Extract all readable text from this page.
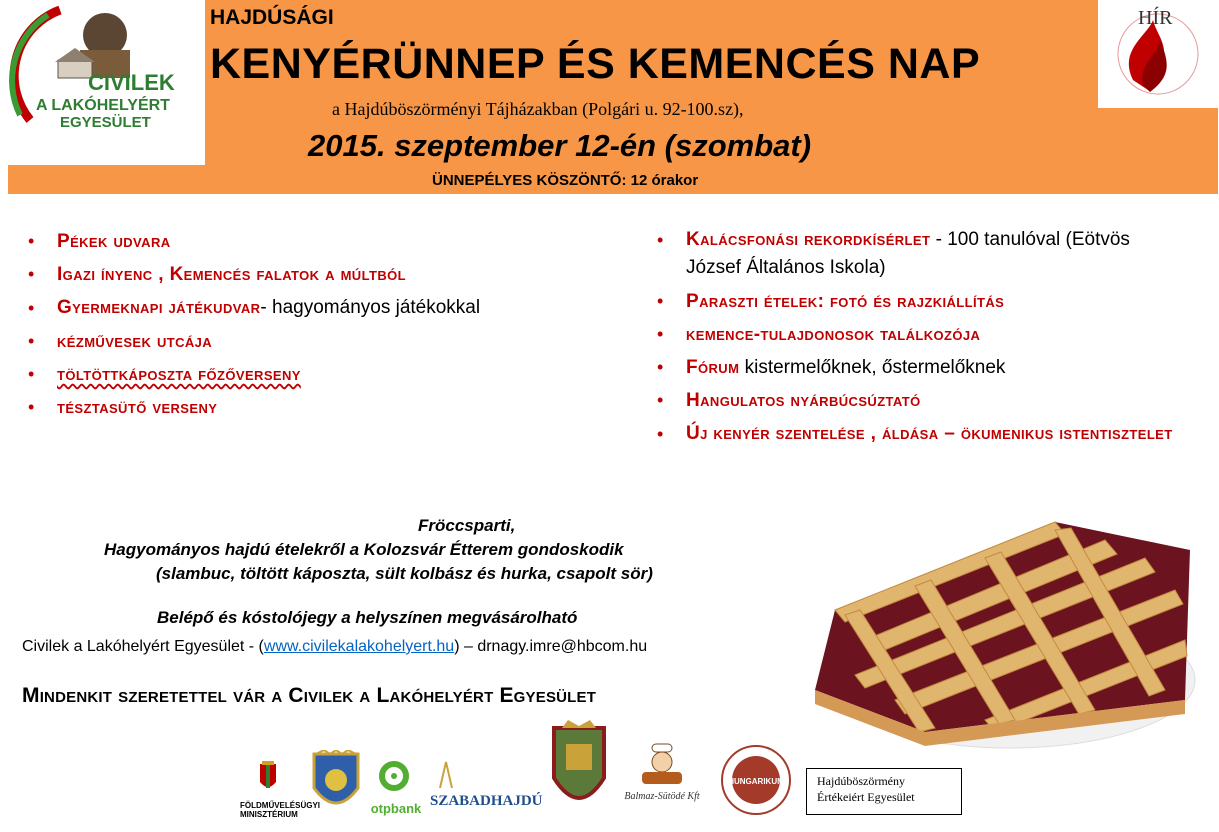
CIVILEK
A LAKÓHELYÉRT
EGYESÜLET
HÍR
HAJDÚSÁGI
KENYÉRÜNNEP ÉS KEMENCÉS NAP
a Hajdúböszörményi Tájházakban (Polgári u. 92-100.sz),
2015. szeptember 12-én (szombat)
ÜNNEPÉLYES KÖSZÖNTŐ: 12 órakor
• Pékek udvara
• Igazi ínyenc , Kemencés falatok a múltból
• Gyermeknapi játékudvar- hagyományos játékokkal
• kézművesek utcája
• töltöttkáposzta főzőverseny
• tésztasütő verseny
• Kalácsfonási rekordkísérlet - 100 tanulóval (Eötvös József Általános Iskola)
• Paraszti ételek: fotó és rajzkiállítás
• kemence-tulajdonosok találkozója
• Fórum kistermelőknek, őstermelőknek
• Hangulatos nyárbúcsúztató
• Új kenyér szentelése , áldása – ökumenikus istentisztelet
Fröccsparti,
Hagyományos hajdú ételekről a Kolozsvár Étterem gondoskodik
(slambuc, töltött káposzta, sült kolbász és hurka, csapolt sör)
Belépő és kóstolójegy a helyszínen megvásárolható
Civilek a Lakóhelyért Egyesület - (www.civilekalakohelyert.hu) – drnagy.imre@hbcom.hu
Mindenkit szeretettel vár a Civilek a Lakóhelyért Egyesület
FÖLDMŰVELÉSÜGYI MINISZTÉRIUM	otpbank SZABADHAJDÚ	Balmaz-Sütödé Kft
HUNGARIKUM	Hajdúböszörmény
Értékeiért Egyesület
